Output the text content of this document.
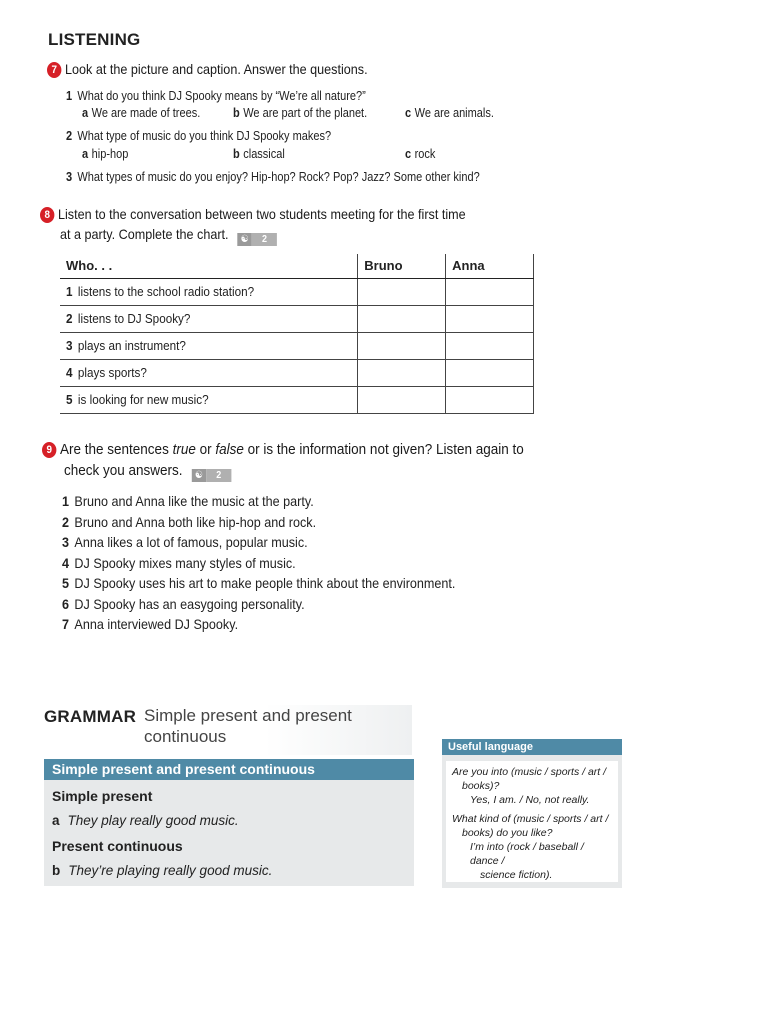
LISTENING
7 Look at the picture and caption. Answer the questions.
1 What do you think DJ Spooky means by “We’re all nature?”
a We are made of trees.	b We are part of the planet.	c We are animals.
2 What type of music do you think DJ Spooky makes?
a hip-hop	b classical	c rock
3 What types of music do you enjoy? Hip-hop? Rock? Pop? Jazz? Some other kind?
8 Listen to the conversation between two students meeting for the first time
at a party. Complete the chart. ☯ 2
Who. . .	Bruno	Anna
1 listens to the school radio station?		
2 listens to DJ Spooky?		
3 plays an instrument?		
4 plays sports?		
5 is looking for new music?		
9 Are the sentences true or false or is the information not given? Listen again to
check you answers. ☯ 2
1 Bruno and Anna like the music at the party.
2 Bruno and Anna both like hip-hop and rock.
3 Anna likes a lot of famous, popular music.
4 DJ Spooky mixes many styles of music.
5 DJ Spooky uses his art to make people think about the environment.
6 DJ Spooky has an easygoing personality.
7 Anna interviewed DJ Spooky.
GRAMMAR Simple present and present
continuous
Simple present and present continuous
Simple present
a They play really good music.
Present continuous
b They’re playing really good music.
Useful language
Are you into (music / sports / art /
books)?
Yes, I am. / No, not really.
What kind of (music / sports / art /
books) do you like?
I’m into (rock / baseball / dance /
science fiction).
